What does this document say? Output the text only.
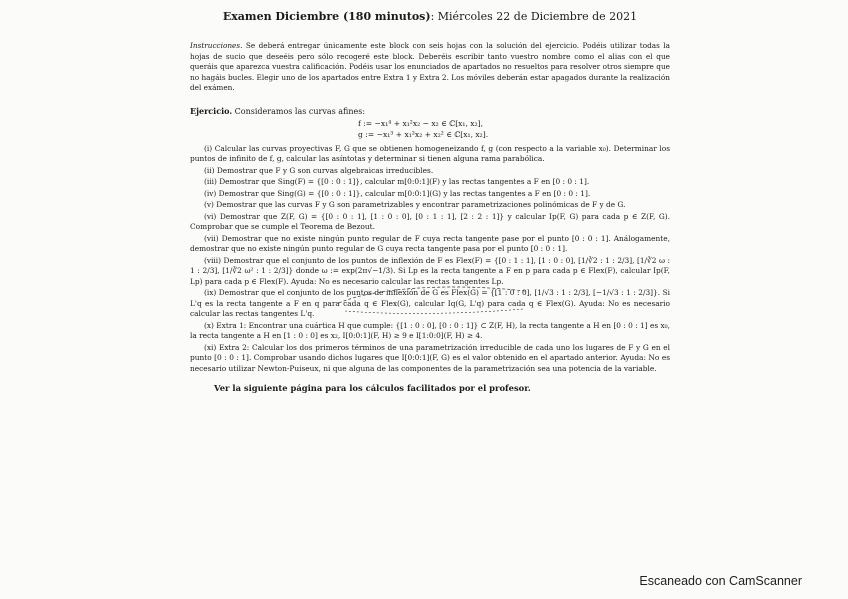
Examen Diciembre (180 minutos): Miércoles 22 de Diciembre de 2021
Instrucciones. Se deberá entregar únicamente este block con seis hojas con la solución del ejercicio. Podéis utilizar todas la hojas de sucio que deseéis pero sólo recogeré este block. Deberéis escribir tanto vuestro nombre como el alias con el que queráis que aparezca vuestra calificación. Podéis usar los enunciados de apartados no resueltos para resolver otros siempre que no hagáis bucles. Elegir uno de los apartados entre Extra 1 y Extra 2. Los móviles deberán estar apagados durante la realización del exámen.
Ejercicio. Consideramos las curvas afines:
f := −x₁⁴ + x₁²x₂ − x₂ ∈ ℂ[x₁, x₂],
g := −x₁³ + x₁²x₂ + x₂² ∈ ℂ[x₁, x₂].
(i) Calcular las curvas proyectivas F, G que se obtienen homogeneizando f, g (con respecto a la variable x₀). Determinar los puntos de infinito de f, g, calcular las asíntotas y determinar si tienen alguna rama parabólica.
(ii) Demostrar que F y G son curvas algebraicas irreducibles.
(iii) Demostrar que Sing(F) = {[0 : 0 : 1]}, calcular m[0:0:1](F) y las rectas tangentes a F en [0 : 0 : 1].
(iv) Demostrar que Sing(G) = {[0 : 0 : 1]}, calcular m[0:0:1](G) y las rectas tangentes a F en [0 : 0 : 1].
(v) Demostrar que las curvas F y G son parametrizables y encontrar parametrizaciones polinómicas de F y de G.
(vi) Demostrar que Z(F, G) = {[0 : 0 : 1], [1 : 0 : 0], [0 : 1 : 1], [2 : 2 : 1]} y calcular Ip(F, G) para cada p ∈ Z(F, G). Comprobar que se cumple el Teorema de Bezout.
(vii) Demostrar que no existe ningún punto regular de F cuya recta tangente pase por el punto [0 : 0 : 1]. Análogamente, demostrar que no existe ningún punto regular de G cuya recta tangente pasa por el punto [0 : 0 : 1].
(viii) Demostrar que el conjunto de los puntos de inflexión de F es Flex(F) = {[0 : 1 : 1], [1 : 0 : 0], [1/∛2 : 1 : 2/3], [1/∛2 ω : 1 : 2/3], [1/∛2 ω² : 1 : 2/3]} donde ω := exp(2π√−1/3). Si Lp es la recta tangente a F en p para cada p ∈ Flex(F), calcular Ip(F, Lp) para cada p ∈ Flex(F). Ayuda: No es necesario calcular las rectas tangentes Lp.
(ix) Demostrar que el conjunto de los puntos de inflexión de G es Flex(G) = {[1 : 0 : 0], [1/√3 : 1 : 2/3], [−1/√3 : 1 : 2/3]}. Si L'q es la recta tangente a F en q para cada q ∈ Flex(G), calcular Iq(G, L'q) para cada q ∈ Flex(G). Ayuda: No es necesario calcular las rectas tangentes L'q.
(x) Extra 1: Encontrar una cuártica H que cumple: {[1 : 0 : 0], [0 : 0 : 1]} ⊂ Z(F, H), la recta tangente a H en [0 : 0 : 1] es x₀, la recta tangente a H en [1 : 0 : 0] es x₂, I[0:0:1](F, H) ≥ 9 e I[1:0:0](F, H) ≥ 4.
(xi) Extra 2: Calcular los dos primeros términos de una parametrización irreducible de cada uno los lugares de F y G en el punto [0 : 0 : 1]. Comprobar usando dichos lugares que I[0:0:1](F, G) es el valor obtenido en el apartado anterior. Ayuda: No es necesario utilizar Newton-Puiseux, ni que alguna de las componentes de la parametrización sea una potencia de la variable.
Ver la siguiente página para los cálculos facilitados por el profesor.
Escaneado con CamScanner
